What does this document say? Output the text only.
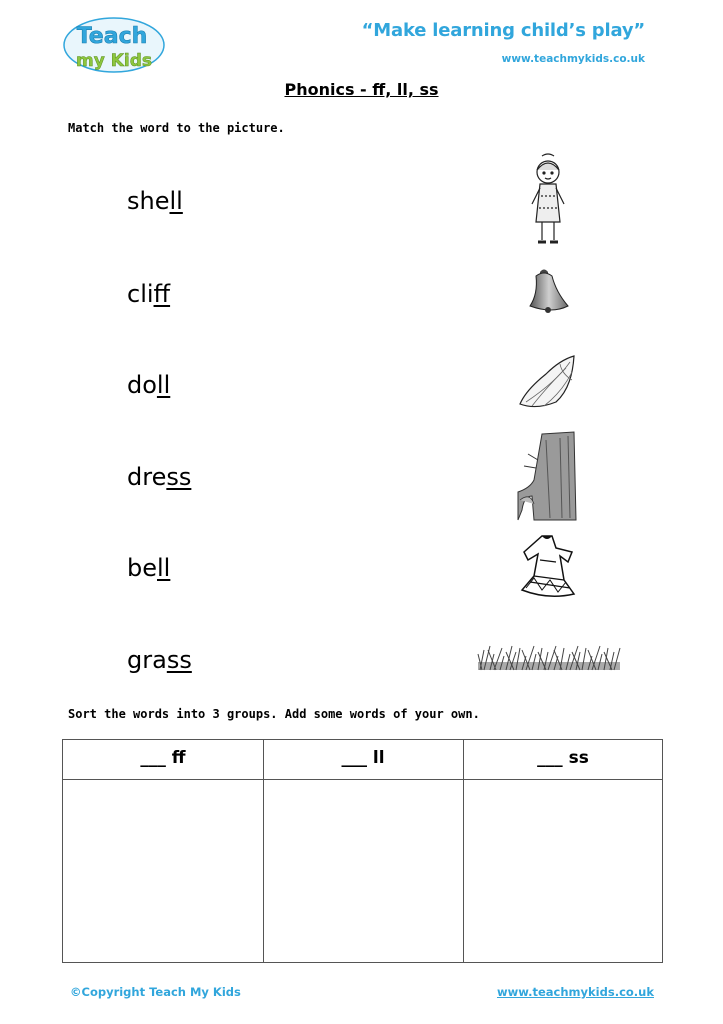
Teach
my Kids
“Make learning child’s play”
www.teachmykids.co.uk
Phonics - ff, ll, ss
Match the word to the picture.
shell
cliff
doll
dress
bell
grass
Sort the words into 3 groups. Add some words of your own.
___ ff	___ ll	___ ss
©Copyright Teach My Kids	www.teachmykids.co.uk
